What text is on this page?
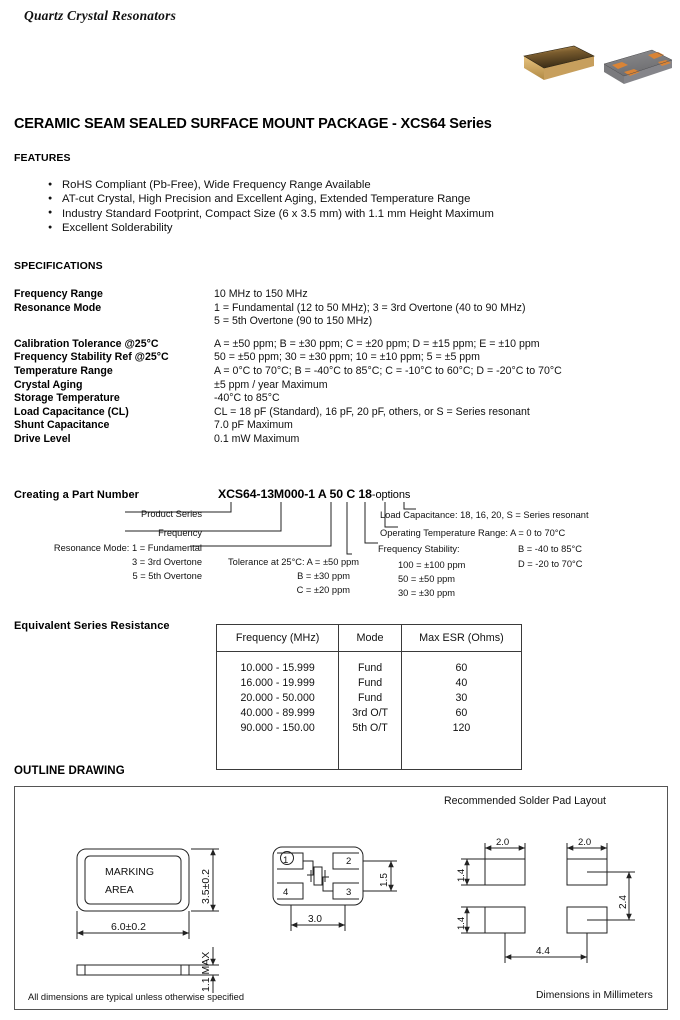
Quartz Crystal Resonators
CERAMIC SEAM SEALED SURFACE MOUNT PACKAGE - XCS64 Series
FEATURES
● RoHS Compliant (Pb-Free), Wide Frequency Range Available
● AT-cut Crystal, High Precision and Excellent Aging, Extended Temperature Range
● Industry Standard Footprint, Compact Size (6 x 3.5 mm) with 1.1 mm Height Maximum
● Excellent Solderability
SPECIFICATIONS
Frequency Range	10 MHz to 150 MHz
Resonance Mode	1 = Fundamental (12 to 50 MHz); 3 = 3rd Overtone (40 to 90 MHz)
	5 = 5th Overtone (90 to 150 MHz)

Calibration Tolerance @25°C	A = ±50 ppm; B = ±30 ppm; C = ±20 ppm; D = ±15 ppm; E = ±10 ppm
Frequency Stability Ref @25°C	50 = ±50 ppm; 30 = ±30 ppm; 10 = ±10 ppm; 5 = ±5 ppm
Temperature Range	A = 0°C to 70°C; B = -40°C to 85°C; C = -10°C to 60°C; D = -20°C to 70°C
Crystal Aging	±5 ppm / year Maximum
Storage Temperature	-40°C to 85°C
Load Capacitance (CL)	CL = 18 pF (Standard), 16 pF, 20 pF, others, or S = Series resonant
Shunt Capacitance	7.0 pF Maximum
Drive Level	0.1 mW Maximum
Creating a Part Number	XCS64-13M000-1 A 50 C 18-options
Product Series
Frequency
Resonance Mode: 1 = Fundamental
3 = 3rd Overtone
5 = 5th Overtone
Tolerance at 25°C: A = ±50 ppm
B = ±30 ppm
C = ±20 ppm
Load Capacitance: 18, 16, 20, S = Series resonant
Operating Temperature Range: A = 0 to 70°C
B = -40 to 85°C
D = -20 to 70°C
Frequency Stability:
100 = ±100 ppm
50 = ±50 ppm
30 = ±30 ppm
Equivalent Series Resistance
Frequency (MHz)	Mode	Max ESR (Ohms)
10.000 - 15.999	Fund	60
16.000 - 19.999	Fund	40
20.000 - 50.000	Fund	30
40.000 - 89.999	3rd O/T	60
90.000 - 150.00	5th O/T	120

OUTLINE DRAWING
MARKING
AREA
6.0±0.2
3.5±0.2
1.1 MAX
1	2
3
4
3.0
1.5
2.0	2.0
1.4
1.4
4.4
2.4
Recommended Solder Pad Layout
All dimensions are typical unless otherwise specified	Dimensions in Millimeters
